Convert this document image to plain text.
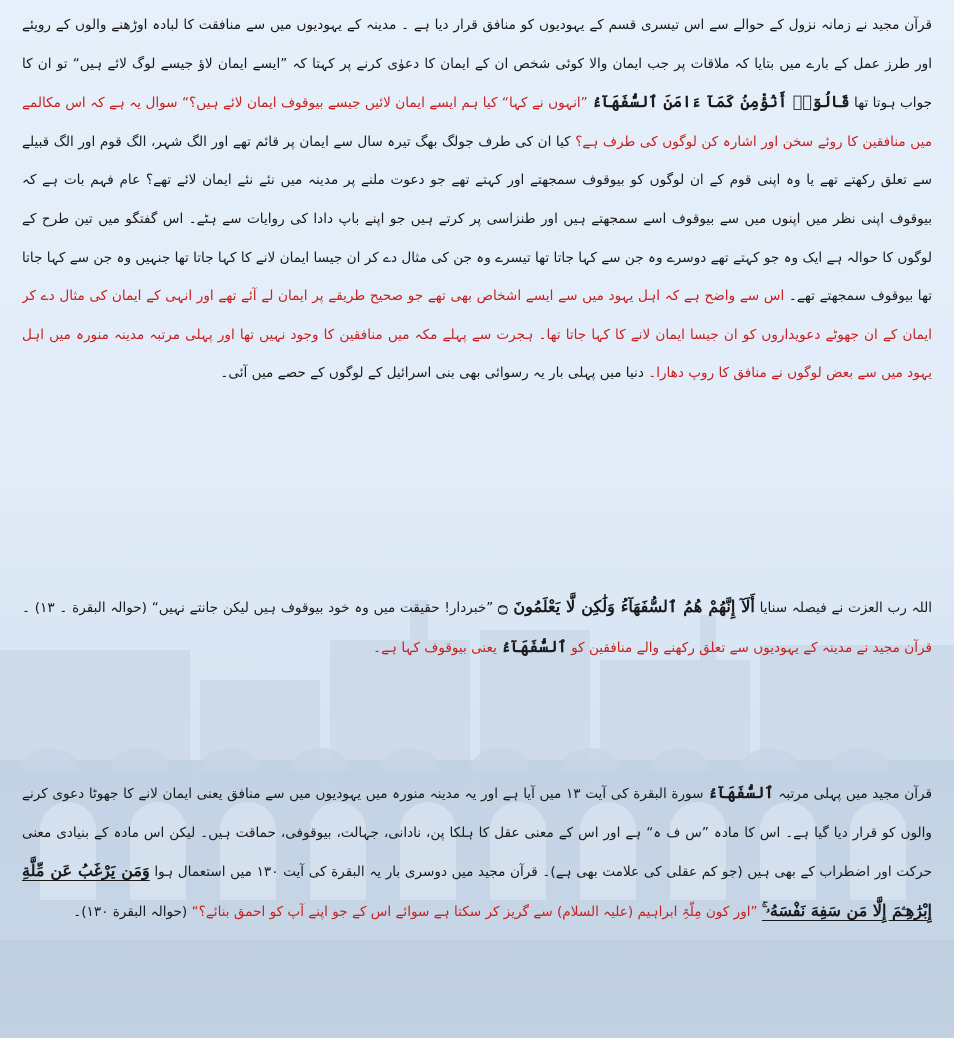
قرآن مجید نے زمانہ نزول کے حوالے سے اس تیسری قسم کے یہودیوں کو منافق قرار دیا ہے ۔ مدینہ کے یہودیوں میں سے منافقت کا لبادہ اوڑھنے والوں کے رویئے اور طرز عمل کے بارے میں بتایا کہ ملاقات پر جب ایمان والا کوئی شخص ان کے ایمان کا دعوٰی کرنے پر کہتا کہ ”ایسے ایمان لاؤ جیسے لوگ لائے ہیں“ تو ان کا جواب ہوتا تھا قَالُوٓا۟ أَنُؤْمِنُ كَمَآ ءَامَنَ ٱلسُّفَهَآءُ ”انہوں نے کہا“ کیا ہم ایسے ایمان لائیں جیسے بیوقوف ایمان لائے ہیں؟“ سوال یہ ہے کہ اس مکالمے میں منافقین کا روئے سخن اور اشارہ کن لوگوں کی طرف ہے؟ کیا ان کی طرف جولگ بھگ تیرہ سال سے ایمان پر قائم تھے اور الگ شہر، الگ قوم اور الگ قبیلے سے تعلق رکھتے تھے یا وہ اپنی قوم کے ان لوگوں کو بیوقوف سمجھتے اور کہتے تھے جو دعوت ملنے پر مدینہ میں نئے نئے ایمان لائے تھے؟ عام فہم بات ہے کہ بیوقوف اپنی نظر میں اپنوں میں سے بیوقوف اسے سمجھتے ہیں اور طنزاسی پر کرتے ہیں جو اپنے باپ دادا کی روایات سے ہٹے۔ اس گفتگو میں تین طرح کے لوگوں کا حوالہ ہے ایک وہ جو کہتے تھے دوسرے وہ جن سے کہا جاتا تھا تیسرے وہ جن کی مثال دے کر ان جیسا ایمان لانے کا کہا جاتا تھا جنہیں وہ جن سے کہا جاتا تھا بیوقوف سمجھتے تھے۔ اس سے واضح ہے کہ اہل یہود میں سے ایسے اشخاص بھی تھے جو صحیح طریقے پر ایمان لے آئے تھے اور انہی کے ایمان کی مثال دے کر ایمان کے ان جھوٹے دعویداروں کو ان جیسا ایمان لانے کا کہا جاتا تھا۔ ہجرت سے پہلے مکہ میں منافقین کا وجود نہیں تھا اور پہلی مرتبہ مدینہ منورہ میں اہل یہود میں سے بعض لوگوں نے منافق کا روپ دھارا۔ دنیا میں پہلی بار یہ رسوائی بھی بنی اسرائیل کے لوگوں کے حصے میں آئی۔

اللہ رب العزت نے فیصلہ سنایا أَلَآ إِنَّهُمْ هُمُ ٱلسُّفَهَآءُ وَلَٰكِن لَّا يَعْلَمُونَ ۝ ”خبردار! حقیقت میں وہ خود بیوقوف ہیں لیکن جانتے نہیں“ (حوالہ البقرة ۔ ۱۳) ۔ قرآن مجید نے مدینہ کے یہودیوں سے تعلق رکھنے والے منافقین کو ٱلسُّفَهَآءُ یعنی بیوقوف کہا ہے۔

قرآن مجید میں پہلی مرتبہ ٱلسُّفَهَآءُ سورة البقرة کی آیت ۱۳ میں آیا ہے اور یہ مدینہ منورہ میں یہودیوں میں سے منافق یعنی ایمان لانے کا جھوٹا دعوی کرنے والوں کو قرار دیا گیا ہے۔ اس کا مادہ ”س ف ہ“ ہے اور اس کے معنی عقل کا ہلکا پن، نادانی، جہالت، بیوقوفی، حماقت ہیں۔ لیکن اس مادہ کے بنیادی معنی حرکت اور اضطراب کے بھی ہیں (جو کم عقلی کی علامت بھی ہے)۔ قرآن مجید میں دوسری بار یہ البقرة کی آیت ۱۳۰ میں استعمال ہوا وَمَن يَرْغَبُ عَن مِّلَّةِ إِبْرَٰهِـۧمَ إِلَّا مَن سَفِهَ نَفْسَهُۥ ۚ ”اور کون مِلّۃِ ابراہیم (علیہ السلام) سے گریز کر سکتا ہے سوائے اس کے جو اپنے آپ کو احمق بنائے؟“ (حوالہ البقرة ۱۳۰)۔
